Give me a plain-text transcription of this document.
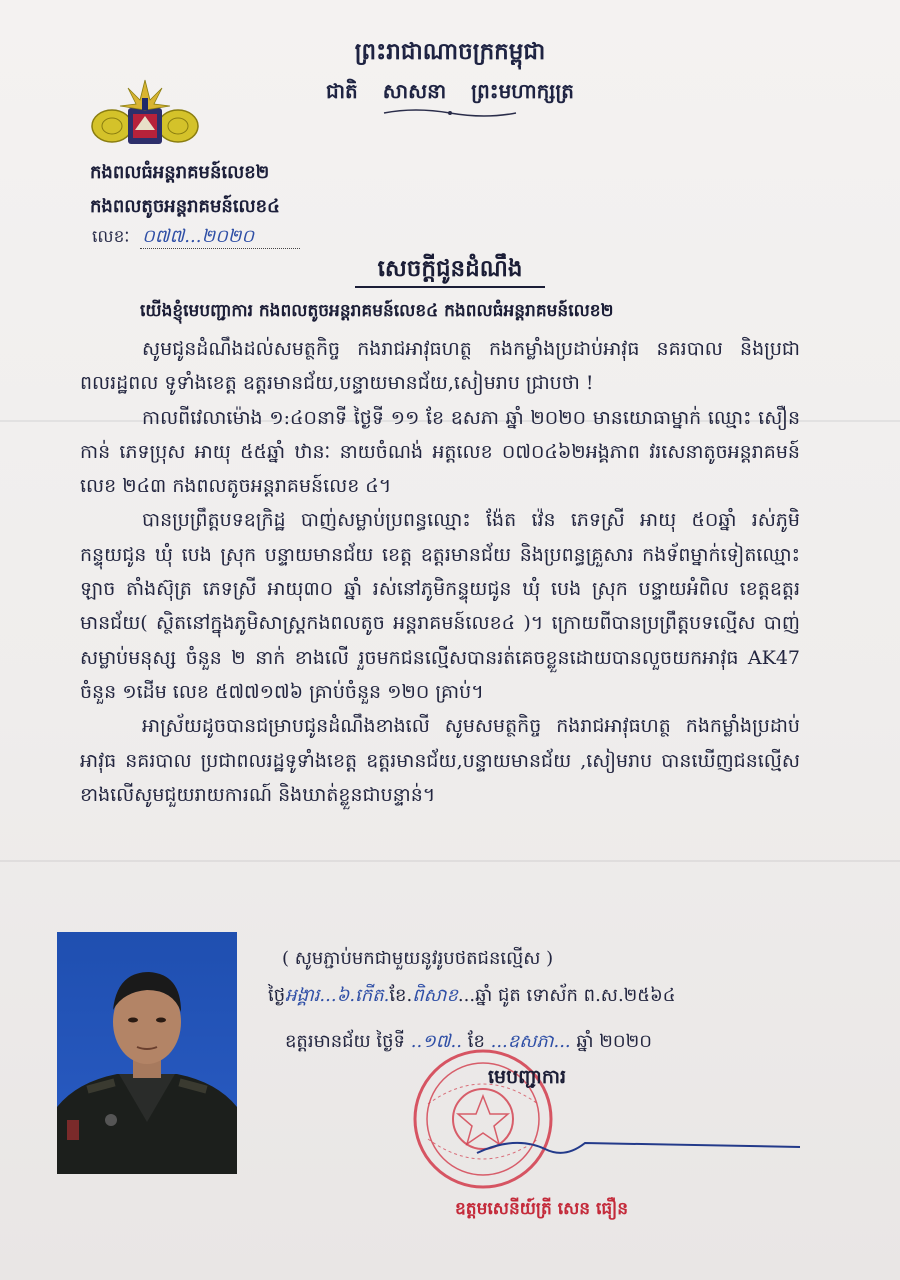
ព្រះរាជាណាចក្រកម្ពុជា
ជាតិ សាសនា ព្រះមហាក្សត្រ
កងពលធំអន្តរាគមន៍លេខ២
កងពលតូចអន្តរាគមន៍លេខ៤
លេខៈ ០៧៧...២០២០
សេចក្តីជូនដំណឹង
យើងខ្ញុំមេបញ្ជាការ កងពលតូចអន្តរាគមន៍លេខ៤ កងពលធំអន្តរាគមន៍លេខ២

សូមជូនដំណឹងដល់សមត្ថកិច្ច កងរាជអាវុធហត្ថ កងកម្លាំងប្រដាប់អាវុធ នគរបាល និងប្រជាពលរដ្ឋពល ទូទាំងខេត្ត ឧត្តរមានជ័យ,បន្ទាយមានជ័យ,សៀមរាប ជ្រាបថា !

កាលពីវេលាម៉ោង ១:៤០នាទី ថ្ងៃទី ១១ ខែ ឧសភា ឆ្នាំ ២០២០ មានយោធាម្នាក់ ឈ្មោះ សឿន កាន់ ភេទប្រុស អាយុ ៥៥ឆ្នាំ ឋានៈ នាយចំណង់ អត្តលេខ ០៧០៤៦២អង្គភាព វរសេនាតូចអន្តរាគមន៍លេខ ២៤៣ កងពលតូចអន្តរាគមន៍លេខ ៤។

បានប្រព្រឹត្តបទឧក្រិដ្ឋ បាញ់សម្លាប់ប្រពន្ធឈ្មោះ ង៉ែត វ៉េន ភេទស្រី អាយុ ៥០ឆ្នាំ រស់ភូមិកន្ទុយជូន ឃុំ បេង ស្រុក បន្ទាយមានជ័យ ខេត្ត ឧត្តរមានជ័យ និងប្រពន្ធគ្រួសារ កងទ័ពម្នាក់ទៀតឈ្មោះ ឡាច តាំងស៊ុត្រ ភេទស្រី អាយុ៣០ ឆ្នាំ រស់នៅភូមិកន្ទុយជូន ឃុំ បេង ស្រុក បន្ទាយអំពិល ខេត្តឧត្តរមានជ័យ( ស្ថិតនៅក្នុងភូមិសាស្ត្រកងពលតូច អន្តរាគមន៍លេខ៤ )។ ក្រោយពីបានប្រព្រឹត្តបទល្មើស បាញ់សម្លាប់មនុស្ស ចំនួន ២ នាក់ ខាងលើ រួចមកជនល្មើសបានរត់គេចខ្លួនដោយបានលួចយកអាវុធ AK47 ចំនួន ១ដើម លេខ ៥៧៧១៧៦ គ្រាប់ចំនួន ១២០ គ្រាប់។

អាស្រ័យដូចបានជម្រាបជូនដំណឹងខាងលើ សូមសមត្ថកិច្ច កងរាជអាវុធហត្ថ កងកម្លាំងប្រដាប់អាវុធ នគរបាល ប្រជាពលរដ្ឋទូទាំងខេត្ត ឧត្តរមានជ័យ,បន្ទាយមានជ័យ ,សៀមរាប បានឃើញជនល្មើសខាងលើសូមជួយរាយការណ៍ និងឃាត់ខ្លួនជាបន្ទាន់។

( សូមភ្ជាប់មកជាមួយនូវរូបថតជនល្មើស )
ថ្ងៃអង្គារ...៦.កើត.ខែ.ពិសាខ...ឆ្នាំ ជូត ទោស័ក ព.ស.២៥៦៤
ឧត្តរមានជ័យ ថ្ងៃទី ..១៧.. ខែ ...ឧសភា... ឆ្នាំ ២០២០
មេបញ្ជាការ
ឧត្តមសេនីយ៍ត្រី សេន ធឿន
